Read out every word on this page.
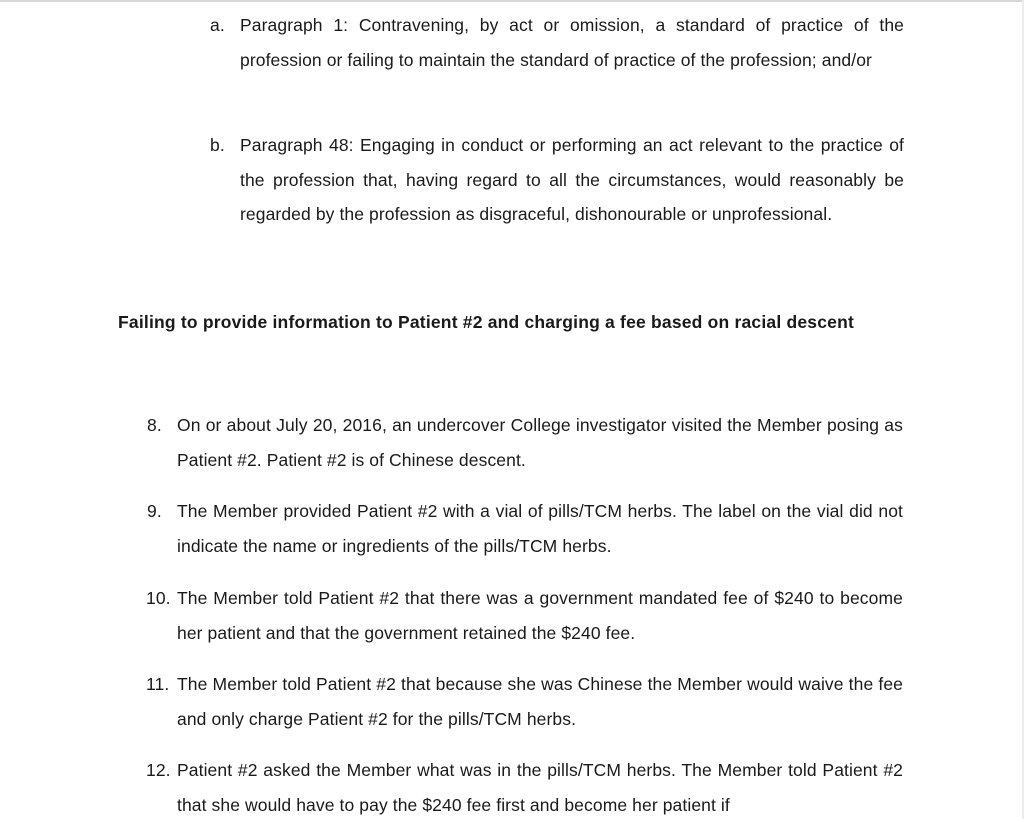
a. Paragraph 1: Contravening, by act or omission, a standard of practice of the profession or failing to maintain the standard of practice of the profession; and/or
b. Paragraph 48: Engaging in conduct or performing an act relevant to the practice of the profession that, having regard to all the circumstances, would reasonably be regarded by the profession as disgraceful, dishonourable or unprofessional.
Failing to provide information to Patient #2 and charging a fee based on racial descent
8. On or about July 20, 2016, an undercover College investigator visited the Member posing as Patient #2. Patient #2 is of Chinese descent.
9. The Member provided Patient #2 with a vial of pills/TCM herbs. The label on the vial did not indicate the name or ingredients of the pills/TCM herbs.
10. The Member told Patient #2 that there was a government mandated fee of $240 to become her patient and that the government retained the $240 fee.
11. The Member told Patient #2 that because she was Chinese the Member would waive the fee and only charge Patient #2 for the pills/TCM herbs.
12. Patient #2 asked the Member what was in the pills/TCM herbs. The Member told Patient #2 that she would have to pay the $240 fee first and become her patient if
